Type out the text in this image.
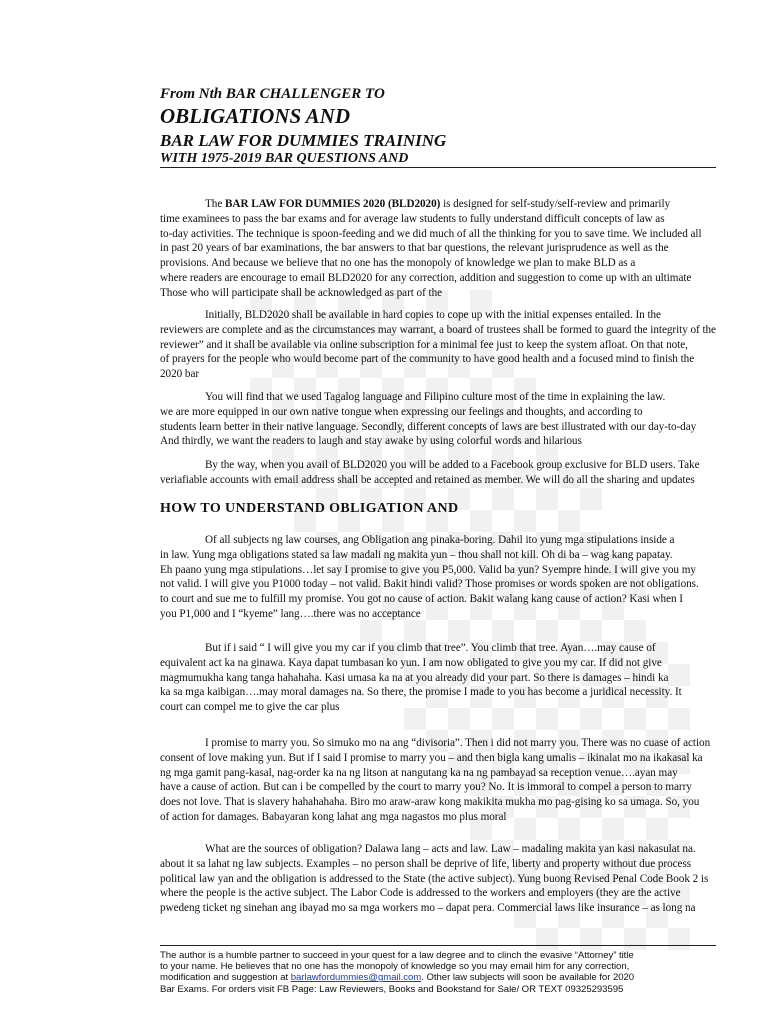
From Nth BAR CHALLENGER TO
OBLIGATIONS AND
BAR LAW FOR DUMMIES TRAINING
WITH 1975-2019 BAR QUESTIONS AND
The BAR LAW FOR DUMMIES 2020 (BLD2020) is designed for self-study/self-review and primarily
time examinees to pass the bar exams and for average law students to fully understand difficult concepts of law as
to-day activities. The technique is spoon-feeding and we did much of all the thinking for you to save time. We included all
in past 20 years of bar examinations, the bar answers to that bar questions, the relevant jurisprudence as well as the
provisions. And because we believe that no one has the monopoly of knowledge we plan to make BLD as a
where readers are encourage to email BLD2020 for any correction, addition and suggestion to come up with an ultimate
Those who will participate shall be acknowledged as part of the
Initially, BLD2020 shall be available in hard copies to cope up with the initial expenses entailed. In the
reviewers are complete and as the circumstances may warrant, a board of trustees shall be formed to guard the integrity of the
reviewer” and it shall be available via online subscription for a minimal fee just to keep the system afloat. On that note,
of prayers for the people who would become part of the community to have good health and a focused mind to finish the
2020 bar
You will find that we used Tagalog language and Filipino culture most of the time in explaining the law.
we are more equipped in our own native tongue when expressing our feelings and thoughts, and according to
students learn better in their native language. Secondly, different concepts of laws are best illustrated with our day-to-day
And thirdly, we want the readers to laugh and stay awake by using colorful words and hilarious
By the way, when you avail of BLD2020 you will be added to a Facebook group exclusive for BLD users. Take
veriafiable accounts with email address shall be accepted and retained as member. We will do all the sharing and updates
HOW TO UNDERSTAND OBLIGATION AND
Of all subjects ng law courses, ang Obligation ang pinaka-boring. Dahil ito yung mga stipulations inside a
in law. Yung mga obligations stated sa law madali ng makita yun – thou shall not kill. Oh di ba – wag kang papatay.
Eh paano yung mga stipulations…let say I promise to give you P5,000. Valid ba yun? Syempre hinde. I will give you my
not valid. I will give you P1000 today – not valid. Bakit hindi valid? Those promises or words spoken are not obligations.
to court and sue me to fulfill my promise. You got no cause of action. Bakit walang kang cause of action? Kasi when I
you P1,000 and I “kyeme” lang….there was no acceptance
But if i said “ I will give you my car if you climb that tree”. You climb that tree. Ayan….may cause of
equivalent act ka na ginawa. Kaya dapat tumbasan ko yun. I am now obligated to give you my car. If did not give
magmumukha kang tanga hahahaha. Kasi umasa ka na at you already did your part. So there is damages – hindi ka
ka sa mga kaibigan….may moral damages na. So there, the promise I made to you has become a juridical necessity. It
court can compel me to give the car plus
I promise to marry you. So simuko mo na ang “divisoria”. Then i did not marry you. There was no cuase of action
consent of love making yun. But if I said I promise to marry you – and then bigla kang umalis – ikinalat mo na ikakasal ka
ng mga gamit pang-kasal, nag-order ka na ng litson at nangutang ka na ng pambayad sa reception venue….ayan may
have a cause of action. But can i be compelled by the court to marry you? No. It is immoral to compel a person to marry
does not love. That is slavery hahahahaha. Biro mo araw-araw kong makikita mukha mo pag-gising ko sa umaga. So, you
of action for damages. Babayaran kong lahat ang mga nagastos mo plus moral
What are the sources of obligation? Dalawa lang – acts and law. Law – madaling makita yan kasi nakasulat na.
about it sa lahat ng law subjects. Examples – no person shall be deprive of life, liberty and property without due process
political law yan and the obligation is addressed to the State (the active subject). Yung buong Revised Penal Code Book 2 is
where the people is the active subject. The Labor Code is addressed to the workers and employers (they are the active
pwedeng ticket ng sinehan ang ibayad mo sa mga workers mo – dapat pera. Commercial laws like insurance – as long na
The author is a humble partner to succeed in your quest for a law degree and to clinch the evasive “Attorney” title
to your name. He believes that no one has the monopoly of knowledge so you may email him for any correction,
modification and suggestion at barlawfordummies@gmail.com. Other law subjects will soon be available for 2020
Bar Exams. For orders visit FB Page: Law Reviewers, Books and Bookstand for Sale/ OR TEXT 09325293595
